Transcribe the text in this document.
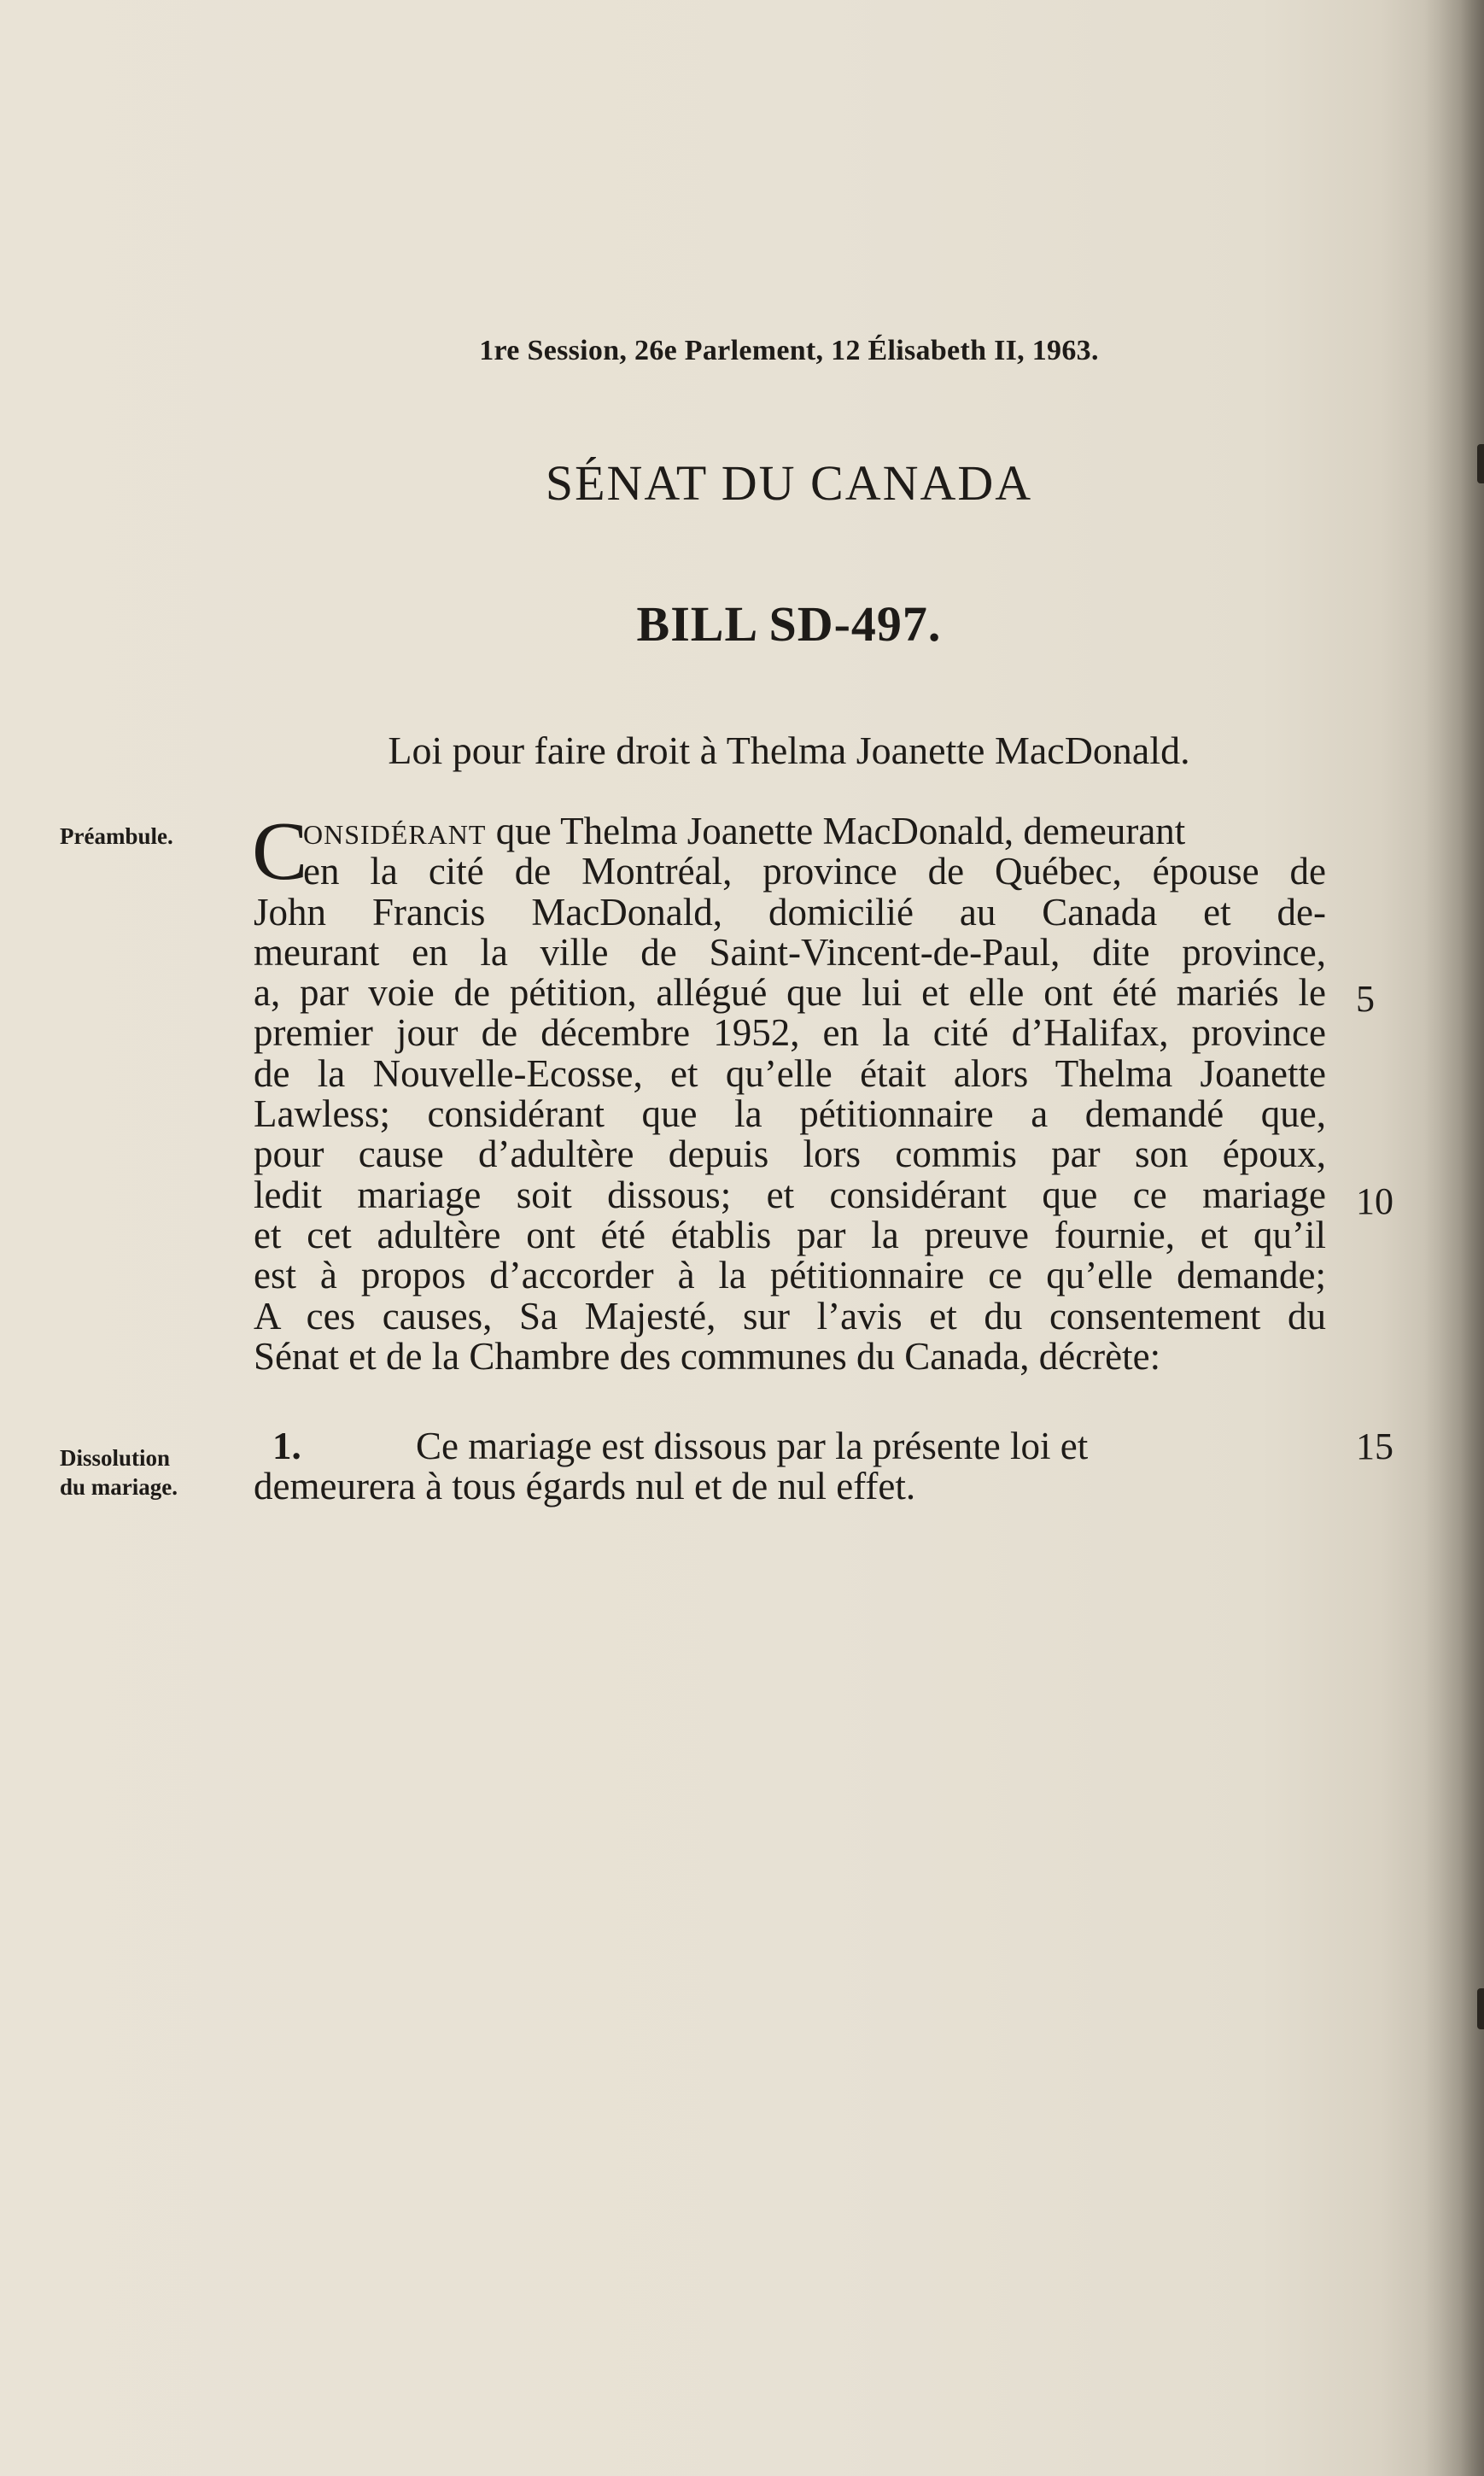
1re Session, 26e Parlement, 12 Élisabeth II, 1963.
SÉNAT DU CANADA
BILL SD-497.
Loi pour faire droit à Thelma Joanette MacDonald.
Préambule.
Dissolution
du mariage.
C
onsidérant que Thelma Joanette MacDonald, demeurant
en la cité de Montréal, province de Québec, épouse de
John Francis MacDonald, domicilié au Canada et de-
meurant en la ville de Saint-Vincent-de-Paul, dite province,
a, par voie de pétition, allégué que lui et elle ont été mariés le
premier jour de décembre 1952, en la cité d’Halifax, province
de la Nouvelle-Ecosse, et qu’elle était alors Thelma Joanette
Lawless; considérant que la pétitionnaire a demandé que,
pour cause d’adultère depuis lors commis par son époux,
ledit mariage soit dissous; et considérant que ce mariage
et cet adultère ont été établis par la preuve fournie, et qu’il
est à propos d’accorder à la pétitionnaire ce qu’elle demande;
A ces causes, Sa Majesté, sur l’avis et du consentement du
Sénat et de la Chambre des communes du Canada, décrète:
1.	Ce mariage est dissous par la présente loi et
demeurera à tous égards nul et de nul effet.
5
10
15
